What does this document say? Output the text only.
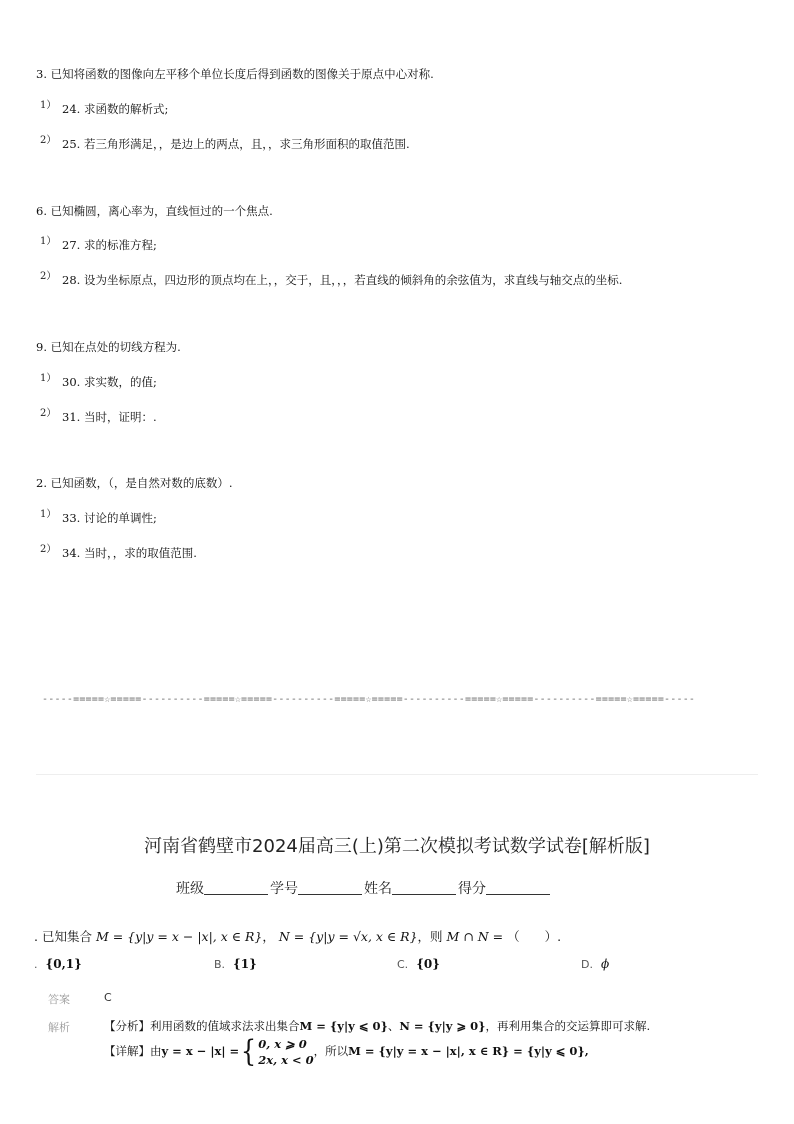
3. 已知将函数的图像向左平移个单位长度后得到函数的图像关于原点中心对称.
1） 24. 求函数的解析式;
2） 25. 若三角形满足，，是边上的两点，且，，求三角形面积的取值范围.
6. 已知椭圆，离心率为，直线恒过的一个焦点.
1） 27. 求的标准方程;
2） 28. 设为坐标原点，四边形的顶点均在上，，交于，且，，，若直线的倾斜角的余弦值为，求直线与轴交点的坐标.
9. 已知在点处的切线方程为.
1） 30. 求实数，的值;
2） 31. 当时，证明：.
2. 已知函数，（，是自然对数的底数）.
1） 33. 讨论的单调性;
2） 34. 当时，，求的取值范围.
-----=====☆=====----------=====☆=====----------=====☆=====----------=====☆=====----------=====☆=====-----
河南省鹤壁市2024届高三(上)第二次模拟考试数学试卷[解析版]
班级	学号	姓名	得分
. 已知集合 M = {y|y = x − |x|, x ∈ R}， N = {y|y = √x, x ∈ R}，则 M ∩ N = （　　）.
. {0,1}	B. {1}	C. {0}	D. ϕ
答案	C
解析	【分析】利用函数的值域求法求出集合M = {y|y ⩽ 0}、N = {y|y ⩾ 0}，再利用集合的交运算即可求解.
【详解】由y = x − |x| ={ 0, x ⩾ 0
2x, x < 0，所以M = {y|y = x − |x|, x ∈ R} = {y|y ⩽ 0},
